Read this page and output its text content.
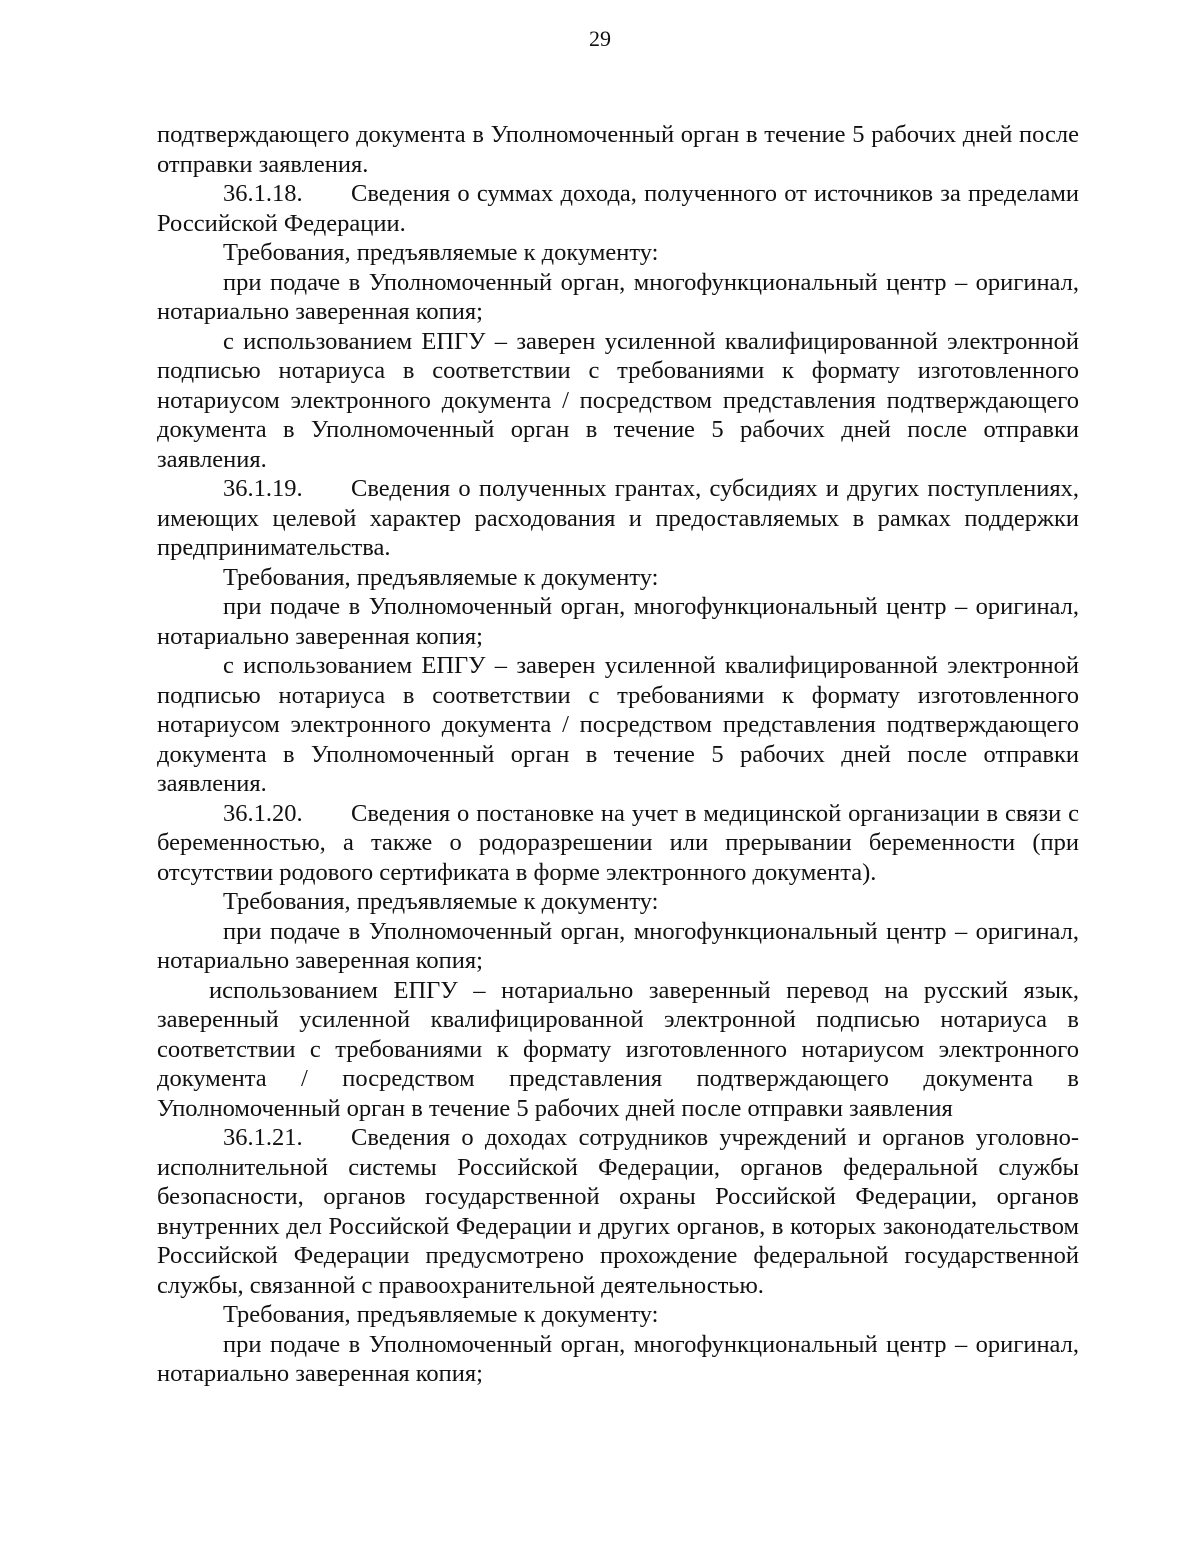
29

подтверждающего документа в Уполномоченный орган в течение 5 рабочих дней после отправки заявления.

36.1.18. Сведения о суммах дохода, полученного от источников за пределами Российской Федерации.

Требования, предъявляемые к документу:

при подаче в Уполномоченный орган, многофункциональный центр – оригинал, нотариально заверенная копия;

с использованием ЕПГУ – заверен усиленной квалифицированной электронной подписью нотариуса в соответствии с требованиями к формату изготовленного нотариусом электронного документа / посредством представления подтверждающего документа в Уполномоченный орган в течение 5 рабочих дней после отправки заявления.

36.1.19. Сведения о полученных грантах, субсидиях и других поступлениях, имеющих целевой характер расходования и предоставляемых в рамках поддержки предпринимательства.

Требования, предъявляемые к документу:

при подаче в Уполномоченный орган, многофункциональный центр – оригинал, нотариально заверенная копия;

с использованием ЕПГУ – заверен усиленной квалифицированной электронной подписью нотариуса в соответствии с требованиями к формату изготовленного нотариусом электронного документа / посредством представления подтверждающего документа в Уполномоченный орган в течение 5 рабочих дней после отправки заявления.

36.1.20. Сведения о постановке на учет в медицинской организации в связи с беременностью, а также о родоразрешении или прерывании беременности (при отсутствии родового сертификата в форме электронного документа).

Требования, предъявляемые к документу:

при подаче в Уполномоченный орган, многофункциональный центр – оригинал, нотариально заверенная копия;

использованием ЕПГУ – нотариально заверенный перевод на русский язык, заверенный усиленной квалифицированной электронной подписью нотариуса в соответствии с требованиями к формату изготовленного нотариусом электронного документа / посредством представления подтверждающего документа в Уполномоченный орган в течение 5 рабочих дней после отправки заявления

36.1.21. Сведения о доходах сотрудников учреждений и органов уголовно-исполнительной системы Российской Федерации, органов федеральной службы безопасности, органов государственной охраны Российской Федерации, органов внутренних дел Российской Федерации и других органов, в которых законодательством Российской Федерации предусмотрено прохождение федеральной государственной службы, связанной с правоохранительной деятельностью.

Требования, предъявляемые к документу:

при подаче в Уполномоченный орган, многофункциональный центр – оригинал, нотариально заверенная копия;
